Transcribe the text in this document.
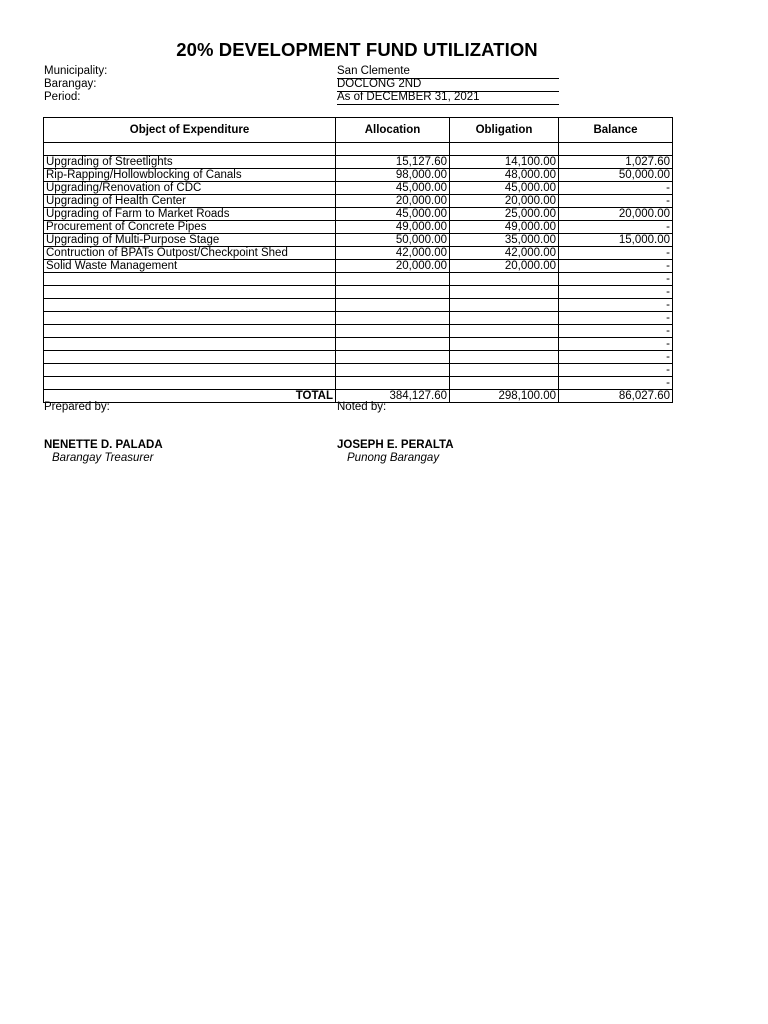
20% DEVELOPMENT FUND UTILIZATION
Municipality:	San Clemente
Barangay:	DOCLONG 2ND
Period:	As of DECEMBER 31, 2021
Object of Expenditure	Allocation	Obligation	Balance

Upgrading of Streetlights	15,127.60	14,100.00	1,027.60
Rip-Rapping/Hollowblocking of Canals	98,000.00	48,000.00	50,000.00
Upgrading/Renovation of CDC	45,000.00	45,000.00	-
Upgrading of Health Center	20,000.00	20,000.00	-
Upgrading of Farm to Market Roads	45,000.00	25,000.00	20,000.00
Procurement of Concrete Pipes	49,000.00	49,000.00	-
Upgrading of Multi-Purpose Stage	50,000.00	35,000.00	15,000.00
Contruction of BPATs Outpost/Checkpoint Shed	42,000.00	42,000.00	-
Solid Waste Management	20,000.00	20,000.00	-
			-
			-
			-
			-
			-
			-
			-
			-
			-
TOTAL	384,127.60	298,100.00	86,027.60
Prepared by:	Noted by:
NENETTE D. PALADA	JOSEPH E. PERALTA
Barangay Treasurer	Punong Barangay
